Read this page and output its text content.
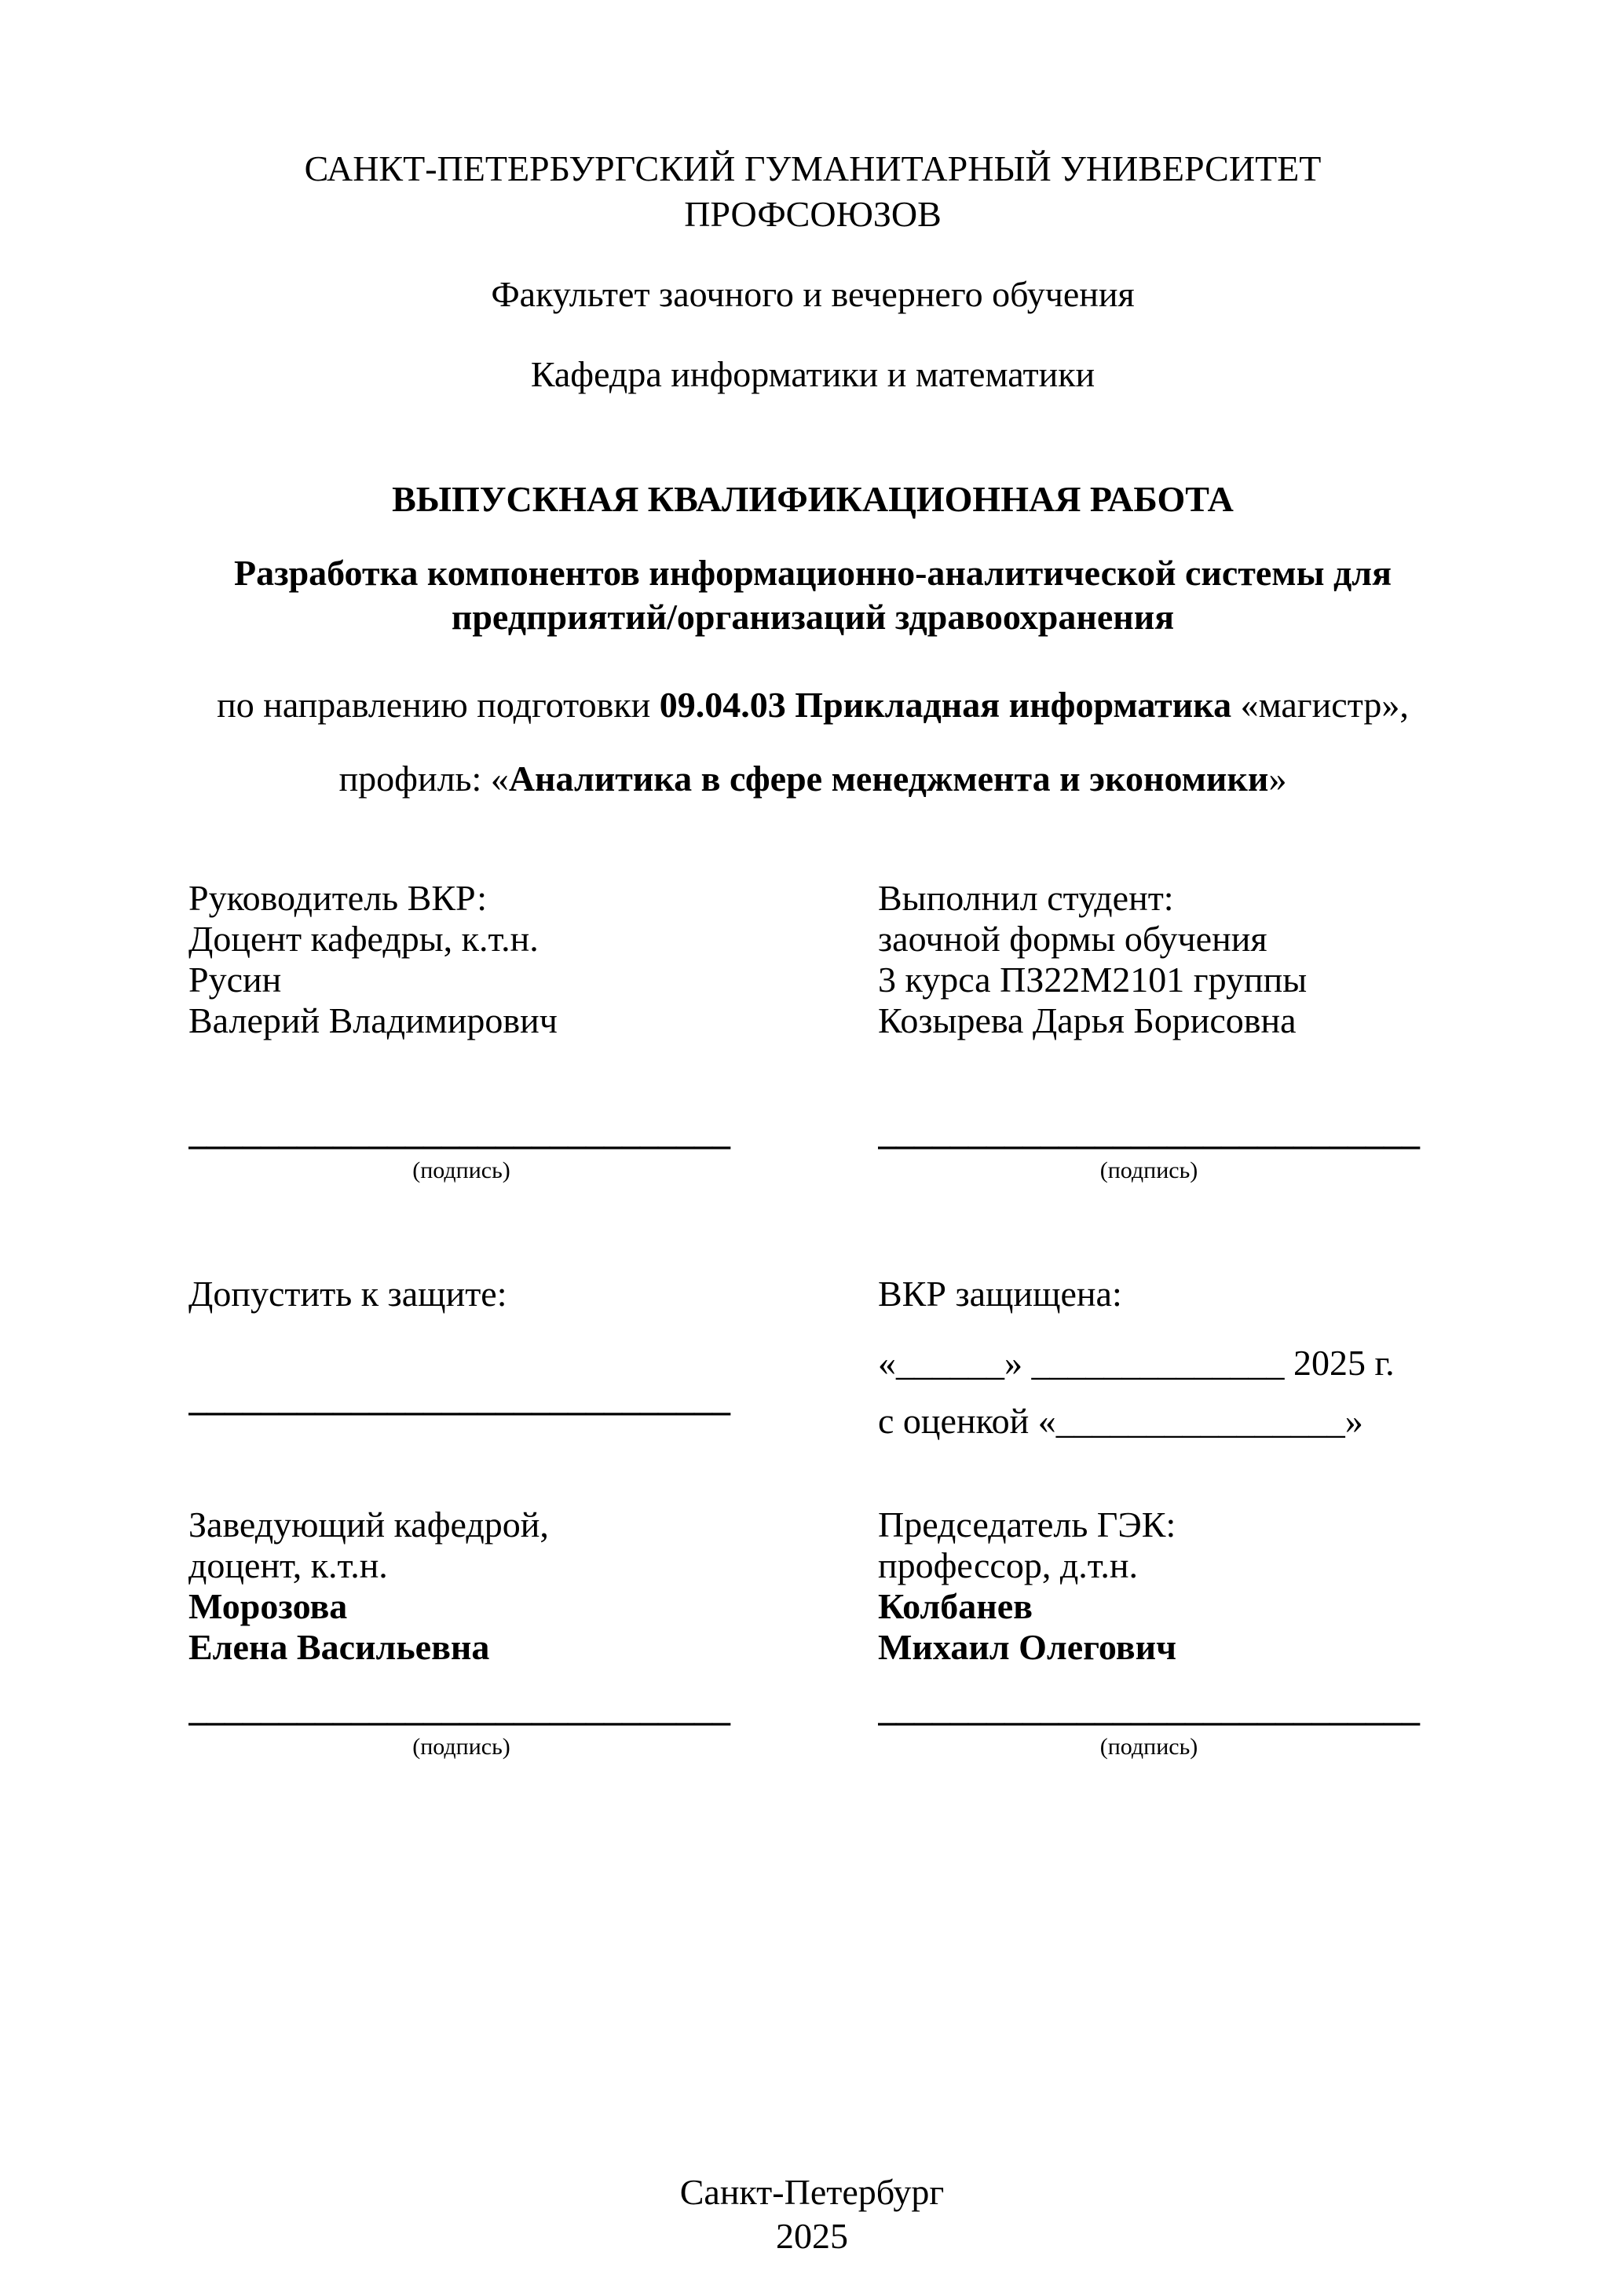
САНКТ-ПЕТЕРБУРГСКИЙ ГУМАНИТАРНЫЙ УНИВЕРСИТЕТ ПРОФСОЮЗОВ

Факультет заочного и вечернего обучения

Кафедра информатики и математики

ВЫПУСКНАЯ КВАЛИФИКАЦИОННАЯ РАБОТА

Разработка компонентов информационно-аналитической системы для
предприятий/организаций здравоохранения

по направлению подготовки 09.04.03 Прикладная информатика «магистр»,

профиль: «Аналитика в сфере менеджмента и экономики»

Руководитель ВКР:

Доцент кафедры, к.т.н.

Русин

Валерий Владимирович

______________________________

(подпись)

Выполнил студент:

заочной формы обучения

3 курса ПЗ22М2101 группы

Козырева Дарья Борисовна

______________________________

(подпись)

Допустить к защите:

______________________________

ВКР защищена:

«______» ______________ 2025 г.

с оценкой «________________»

Заведующий кафедрой,

доцент, к.т.н.

Морозова

Елена Васильевна

______________________________

(подпись)

Председатель ГЭК:

профессор, д.т.н.

Колбанев

Михаил Олегович

______________________________

(подпись)

Санкт-Петербург

2025
